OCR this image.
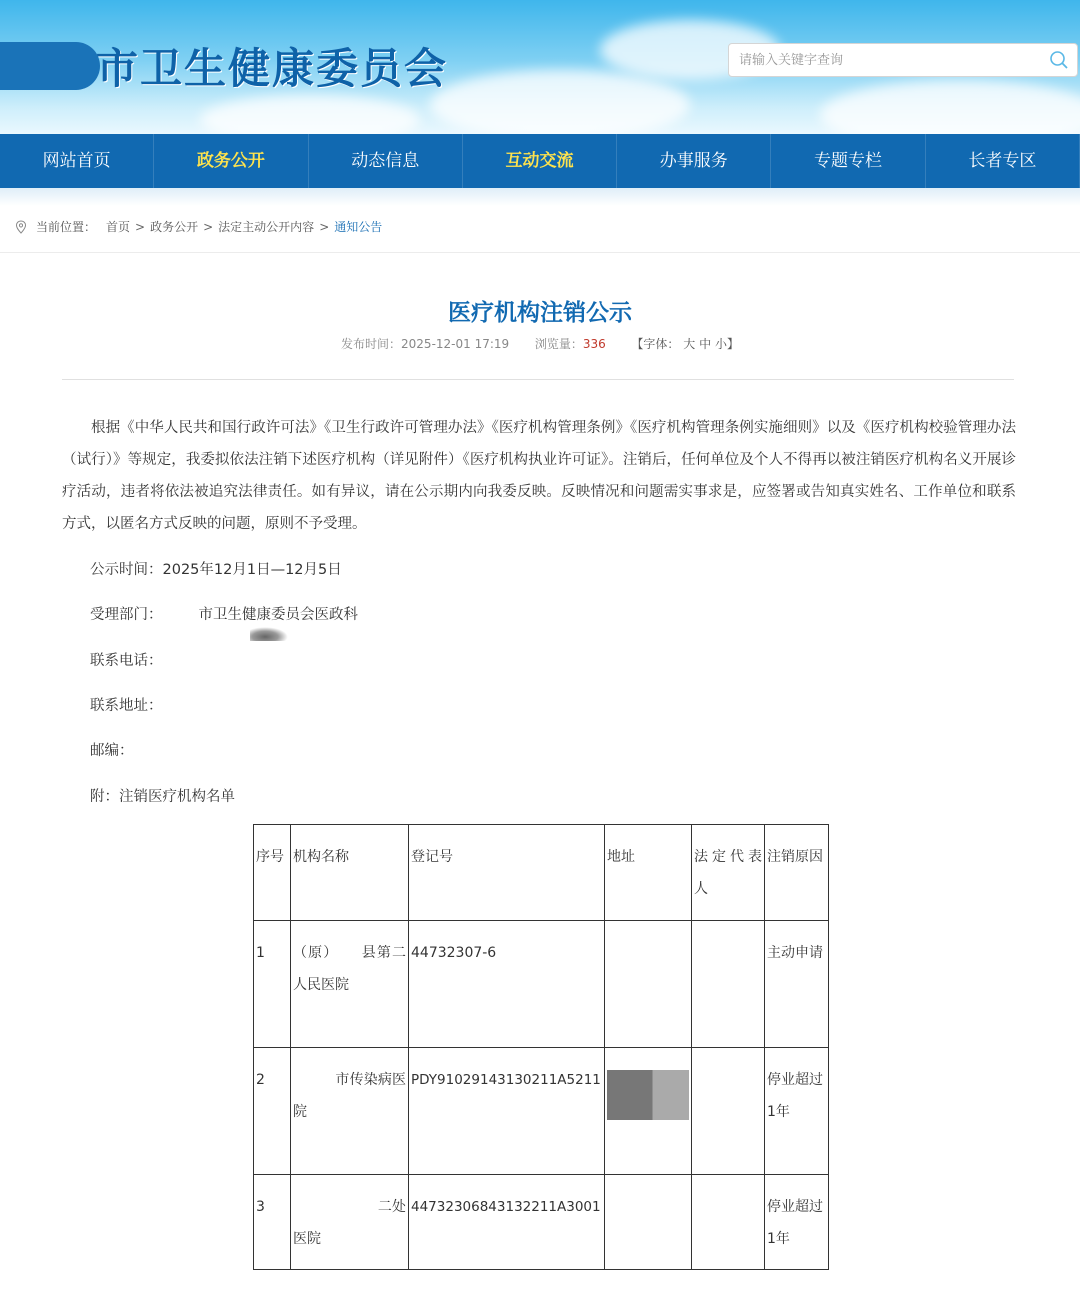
市卫生健康委员会
请输入关键字查询
网站首页	政务公开	动态信息	互动交流	办事服务	专题专栏	长者专区
当前位置： 首页 > 政务公开 > 法定主动公开内容 > 通知公告
医疗机构注销公示
发布时间：2025-12-01 17:19 浏览量：336 【字体： 大 中 小】
根据《中华人民共和国行政许可法》《卫生行政许可管理办法》《医疗机构管理条例》《医疗机构管理条例实施细则》以及《医疗机构校验管理办法（试行）》等规定，我委拟依法注销下述医疗机构（详见附件）《医疗机构执业许可证》。注销后，任何单位及个人不得再以被注销医疗机构名义开展诊疗活动，违者将依法被追究法律责任。如有异议，请在公示期内向我委反映。反映情况和问题需实事求是，应签署或告知真实姓名、工作单位和联系方式，以匿名方式反映的问题，原则不予受理。
公示时间：2025年12月1日—12月5日
受理部门： 市卫生健康委员会医政科
联系电话：
联系地址：
邮编：
附：注销医疗机构名单
序号	机构名称	登记号	地址	法定代表人	注销原因
1	（原）　　县第二人民医院	44732307-6			主动申请
2	　　　市传染病医院	PDY91029143130211A5211			停业超过1年
3	　　　　　　二处医院	44732306843132211A3001			停业超过1年
